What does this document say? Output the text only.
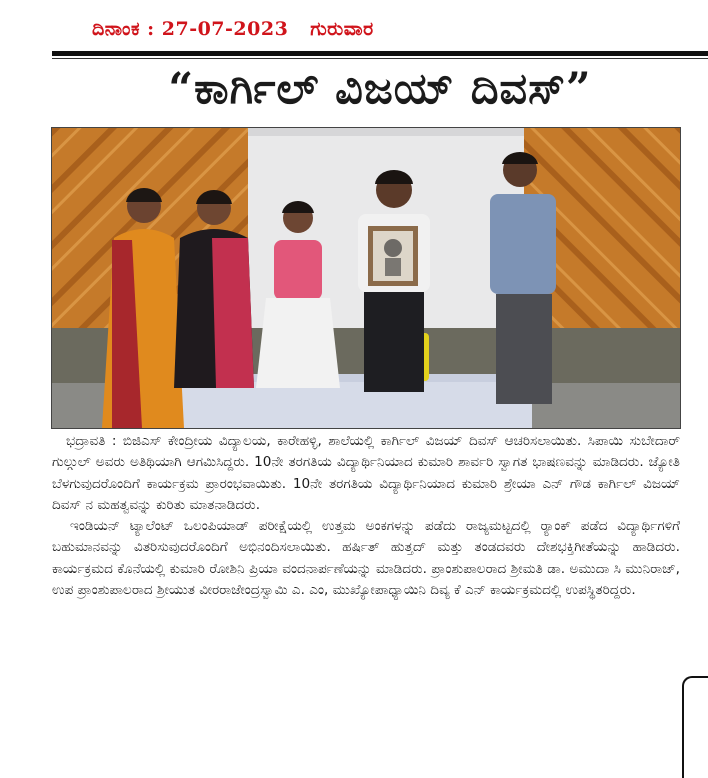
ದಿನಾಂಕ : 27-07-2023 ಗುರುವಾರ
“ಕಾರ್ಗಿಲ್ ವಿಜಯ್ ದಿವಸ್”

ಭದ್ರಾವತಿ : ಬಿಜಿಎಸ್ ಕೇಂದ್ರೀಯ ವಿದ್ಯಾಲಯ, ಕಾರೇಹಳ್ಳಿ, ಶಾಲೆಯಲ್ಲಿ ಕಾರ್ಗಿಲ್ ವಿಜಯ್ ದಿವಸ್ ಆಚರಿಸಲಾಯಿತು. ಸಿಪಾಯಿ ಸುಬೇದಾರ್ ಗುಲ್ಗುಲ್ ಅವರು ಅತಿಥಿಯಾಗಿ ಆಗಮಿಸಿದ್ದರು. 10ನೇ ತರಗತಿಯ ವಿದ್ಯಾರ್ಥಿನಿಯಾದ ಕುಮಾರಿ ಶಾರ್ವರಿ ಸ್ವಾಗತ ಭಾಷಣವನ್ನು ಮಾಡಿದರು. ಜ್ಯೋತಿ ಬೆಳಗುವುದರೊಂದಿಗೆ ಕಾರ್ಯಕ್ರಮ ಪ್ರಾರಂಭವಾಯಿತು. 10ನೇ ತರಗತಿಯ ವಿದ್ಯಾರ್ಥಿನಿಯಾದ ಕುಮಾರಿ ಶ್ರೇಯಾ ಎನ್ ಗೌಡ ಕಾರ್ಗಿಲ್ ವಿಜಯ್ ದಿವಸ್ ನ ಮಹತ್ವವನ್ನು ಕುರಿತು ಮಾತನಾಡಿದರು.

ಇಂಡಿಯನ್ ಟ್ಯಾಲೆಂಟ್ ಒಲಂಪಿಯಾಡ್ ಪರೀಕ್ಷೆಯಲ್ಲಿ ಉತ್ತಮ ಅಂಕಗಳನ್ನು ಪಡೆದು ರಾಜ್ಯಮಟ್ಟದಲ್ಲಿ ರ್‍ಯಾಂಕ್ ಪಡೆದ ವಿದ್ಯಾರ್ಥಿಗಳಿಗೆ ಬಹುಮಾನವನ್ನು ವಿತರಿಸುವುದರೊಂದಿಗೆ ಅಭಿನಂದಿಸಲಾಯಿತು. ಹರ್ಷಿತ್ ಹುತ್ತದ್ ಮತ್ತು ತಂಡದವರು ದೇಶಭಕ್ತಿಗೀತೆಯನ್ನು ಹಾಡಿದರು. ಕಾರ್ಯಕ್ರಮದ ಕೊನೆಯಲ್ಲಿ ಕುಮಾರಿ ರೋಶಿನಿ ಪ್ರಿಯಾ ವಂದನಾರ್ಪಣೆಯನ್ನು ಮಾಡಿದರು. ಪ್ರಾಂಶುಪಾಲರಾದ ಶ್ರೀಮತಿ ಡಾ. ಅಮುದಾ ಸಿ ಮುನಿರಾಜ್, ಉಪ ಪ್ರಾಂಶುಪಾಲರಾದ ಶ್ರೀಯುತ ವೀರರಾಜೇಂದ್ರಸ್ವಾಮಿ ಎ. ಎಂ, ಮುಖ್ಯೋಪಾಧ್ಯಾಯಿನಿ ದಿವ್ಯ ಕೆ ಎನ್ ಕಾರ್ಯಕ್ರಮದಲ್ಲಿ ಉಪಸ್ಥಿತರಿದ್ದರು.
